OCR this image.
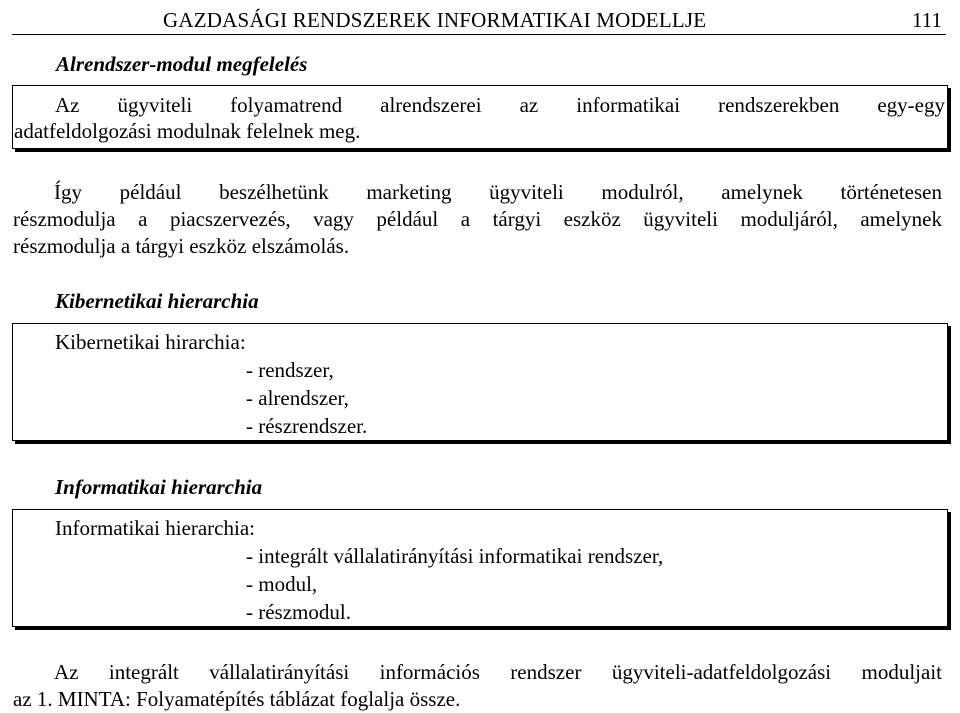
GAZDASÁGI RENDSZEREK INFORMATIKAI MODELLJE	111
Alrendszer-modul megfelelés
Az ügyviteli folyamatrend alrendszerei az informatikai rendszerekben egy-egy
adatfeldolgozási modulnak felelnek meg.
Így például beszélhetünk marketing ügyviteli modulról, amelynek történetesen
részmodulja a piacszervezés, vagy például a tárgyi eszköz ügyviteli moduljáról, amelynek
részmodulja a tárgyi eszköz elszámolás.
Kibernetikai hierarchia
Kibernetikai hirarchia:
- rendszer,
- alrendszer,
- részrendszer.
Informatikai hierarchia
Informatikai hierarchia:
- integrált vállalatirányítási informatikai rendszer,
- modul,
- részmodul.
Az integrált vállalatirányítási információs rendszer ügyviteli-adatfeldolgozási moduljait
az 1. MINTA: Folyamatépítés táblázat foglalja össze.
